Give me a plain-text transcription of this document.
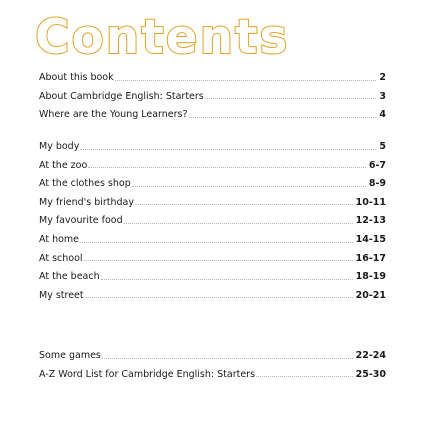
Contents
About this book	2
About Cambridge English: Starters	3
Where are the Young Learners?	4
My body	5
At the zoo	6-7
At the clothes shop	8-9
My friend's birthday	10-11
My favourite food	12-13
At home	14-15
At school	16-17
At the beach	18-19
My street	20-21
Some games	22-24
A-Z Word List for Cambridge English: Starters	25-30
